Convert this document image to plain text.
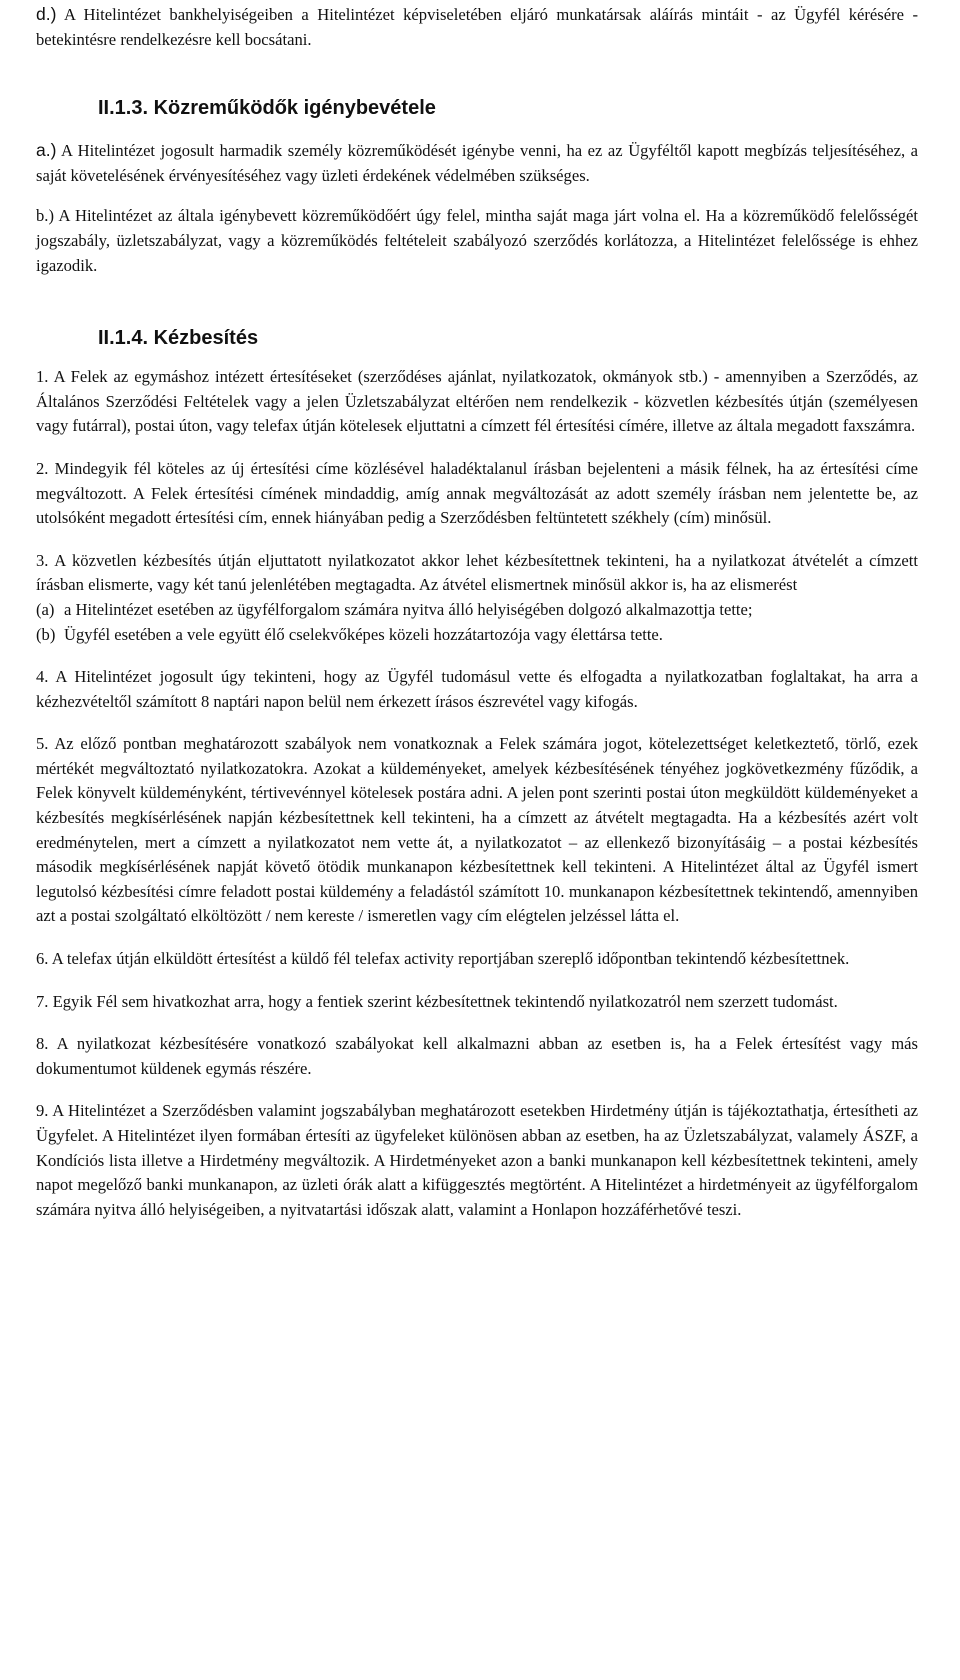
d.) A Hitelintézet bankhelyiségeiben a Hitelintézet képviseletében eljáró munkatársak aláírás mintáit - az Ügyfél kérésére - betekintésre rendelkezésre kell bocsátani.

II.1.3. Közreműködők igénybevétele

a.) A Hitelintézet jogosult harmadik személy közreműködését igénybe venni, ha ez az Ügyféltől kapott megbízás teljesítéséhez, a saját követelésének érvényesítéséhez vagy üzleti érdekének védelmében szükséges.

b.) A Hitelintézet az általa igénybevett közreműködőért úgy felel, mintha saját maga járt volna el. Ha a közreműködő felelősségét jogszabály, üzletszabályzat, vagy a közreműködés feltételeit szabályozó szerződés korlátozza, a Hitelintézet felelőssége is ehhez igazodik.

II.1.4. Kézbesítés

1. A Felek az egymáshoz intézett értesítéseket (szerződéses ajánlat, nyilatkozatok, okmányok stb.) - amennyiben a Szerződés, az Általános Szerződési Feltételek vagy a jelen Üzletszabályzat eltérően nem rendelkezik - közvetlen kézbesítés útján (személyesen vagy futárral), postai úton, vagy telefax útján kötelesek eljuttatni a címzett fél értesítési címére, illetve az általa megadott faxszámra.

2. Mindegyik fél köteles az új értesítési címe közlésével haladéktalanul írásban bejelenteni a másik félnek, ha az értesítési címe megváltozott. A Felek értesítési címének mindaddig, amíg annak megváltozását az adott személy írásban nem jelentette be, az utolsóként megadott értesítési cím, ennek hiányában pedig a Szerződésben feltüntetett székhely (cím) minősül.

3. A közvetlen kézbesítés útján eljuttatott nyilatkozatot akkor lehet kézbesítettnek tekinteni, ha a nyilatkozat átvételét a címzett írásban elismerte, vagy két tanú jelenlétében megtagadta. Az átvétel elismertnek minősül akkor is, ha az elismerést

(a) a Hitelintézet esetében az ügyfélforgalom számára nyitva álló helyiségében dolgozó alkalmazottja tette;
(b) Ügyfél esetében a vele együtt élő cselekvőképes közeli hozzátartozója vagy élettársa tette.

4. A Hitelintézet jogosult úgy tekinteni, hogy az Ügyfél tudomásul vette és elfogadta a nyilatkozatban foglaltakat, ha arra a kézhezvételtől számított 8 naptári napon belül nem érkezett írásos észrevétel vagy kifogás.

5. Az előző pontban meghatározott szabályok nem vonatkoznak a Felek számára jogot, kötelezettséget keletkeztető, törlő, ezek mértékét megváltoztató nyilatkozatokra. Azokat a küldeményeket, amelyek kézbesítésének tényéhez jogkövetkezmény fűződik, a Felek könyvelt küldeményként, tértivevénnyel kötelesek postára adni. A jelen pont szerinti postai úton megküldött küldeményeket a kézbesítés megkísérlésének napján kézbesítettnek kell tekinteni, ha a címzett az átvételt megtagadta. Ha a kézbesítés azért volt eredménytelen, mert a címzett a nyilatkozatot nem vette át, a nyilatkozatot – az ellenkező bizonyításáig – a postai kézbesítés második megkísérlésének napját követő ötödik munkanapon kézbesítettnek kell tekinteni. A Hitelintézet által az Ügyfél ismert legutolsó kézbesítési címre feladott postai küldemény a feladástól számított 10. munkanapon kézbesítettnek tekintendő, amennyiben azt a postai szolgáltató elköltözött / nem kereste / ismeretlen vagy cím elégtelen jelzéssel látta el.

6. A telefax útján elküldött értesítést a küldő fél telefax activity reportjában szereplő időpontban tekintendő kézbesítettnek.

7. Egyik Fél sem hivatkozhat arra, hogy a fentiek szerint kézbesítettnek tekintendő nyilatkozatról nem szerzett tudomást.

8. A nyilatkozat kézbesítésére vonatkozó szabályokat kell alkalmazni abban az esetben is, ha a Felek értesítést vagy más dokumentumot küldenek egymás részére.

9. A Hitelintézet a Szerződésben valamint jogszabályban meghatározott esetekben Hirdetmény útján is tájékoztathatja, értesítheti az Ügyfelet. A Hitelintézet ilyen formában értesíti az ügyfeleket különösen abban az esetben, ha az Üzletszabályzat, valamely ÁSZF, a Kondíciós lista illetve a Hirdetmény megváltozik. A Hirdetményeket azon a banki munkanapon kell kézbesítettnek tekinteni, amely napot megelőző banki munkanapon, az üzleti órák alatt a kifüggesztés megtörtént. A Hitelintézet a hirdetményeit az ügyfélforgalom számára nyitva álló helyiségeiben, a nyitvatartási időszak alatt, valamint a Honlapon hozzáférhetővé teszi.
